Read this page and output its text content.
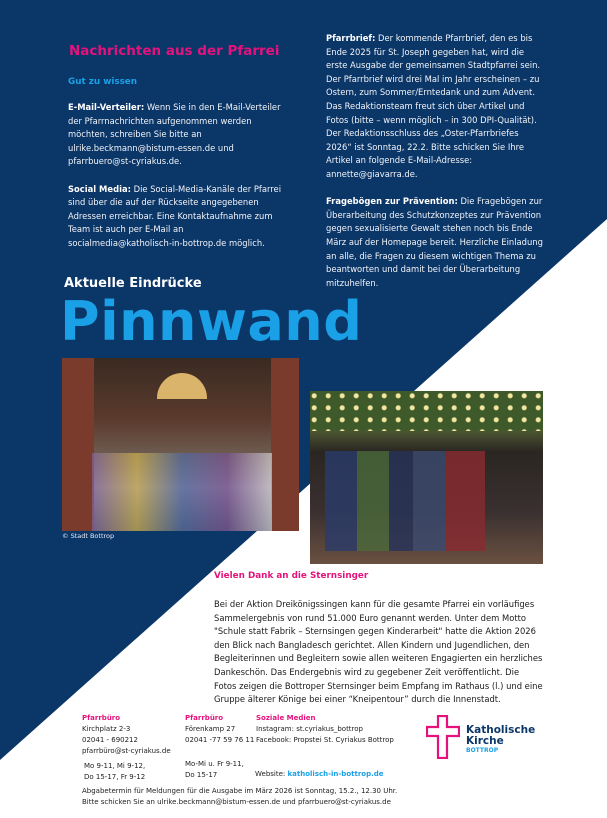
Nachrichten aus der Pfarrei
Gut zu wissen

E-Mail-Verteiler: Wenn Sie in den E-Mail-Verteiler der Pfarrnachrichten aufgenommen werden möchten, schreiben Sie bitte an ulrike.beckmann@bistum-essen.de und pfarrbuero@st-cyriakus.de.

Social Media: Die Social-Media-Kanäle der Pfarrei sind über die auf der Rückseite angegebenen Adressen erreichbar. Eine Kontaktaufnahme zum Team ist auch per E-Mail an socialmedia@katholisch-in-bottrop.de möglich.

Pfarrbrief: Der kommende Pfarrbrief, den es bis Ende 2025 für St. Joseph gegeben hat, wird die erste Ausgabe der gemeinsamen Stadtpfarrei sein. Der Pfarrbrief wird drei Mal im Jahr erscheinen – zu Ostern, zum Sommer/Erntedank und zum Advent. Das Redaktionsteam freut sich über Artikel und Fotos (bitte – wenn möglich – in 300 DPI-Qualität). Der Redaktionsschluss des „Oster-Pfarrbriefes 2026“ ist Sonntag, 22.2. Bitte schicken Sie Ihre Artikel an folgende E-Mail-Adresse: annette@giavarra.de.

Fragebögen zur Prävention: Die Fragebögen zur Überarbeitung des Schutzkonzeptes zur Prävention gegen sexualisierte Gewalt stehen noch bis Ende März auf der Homepage bereit. Herzliche Einladung an alle, die Fragen zu diesem wichtigen Thema zu beantworten und damit bei der Überarbeitung mitzuhelfen.

Aktuelle Eindrücke
Pinnwand
© Stadt Bottrop
Vielen Dank an die Sternsinger
Bei der Aktion Dreikönigssingen kann für die gesamte Pfarrei ein vorläufiges Sammelergebnis von rund 51.000 Euro genannt werden. Unter dem Motto "Schule statt Fabrik – Sternsingen gegen Kinderarbeit" hatte die Aktion 2026 den Blick nach Bangladesch gerichtet. Allen Kindern und Jugendlichen, den Begleiterinnen und Begleitern sowie allen weiteren Engagierten ein herzliches Dankeschön. Das Endergebnis wird zu gegebener Zeit veröffentlicht. Die Fotos zeigen die Bottroper Sternsinger beim Empfang im Rathaus (l.) und eine Gruppe älterer Könige bei einer “Kneipentour” durch die Innenstadt.
Pfarrbüro
Kirchplatz 2-3
02041 - 690212
pfarrbüro@st-cyriakus.de
Mo 9-11, Mi 9-12,
Do 15-17, Fr 9-12
Pfarrbüro
Förenkamp 27
02041 -77 59 76 11
Mo-Mi u. Fr 9-11,
Do 15-17
Soziale Medien
Instagram: st.cyriakus_bottrop
Facebook: Propstei St. Cyriakus Bottrop
Website: katholisch-in-bottrop.de
Katholische
Kirche
BOTTROP
Abgabetermin für Meldungen für die Ausgabe im März 2026 ist Sonntag, 15.2., 12.30 Uhr.
Bitte schicken Sie an ulrike.beckmann@bistum-essen.de und pfarrbuero@st-cyriakus.de
